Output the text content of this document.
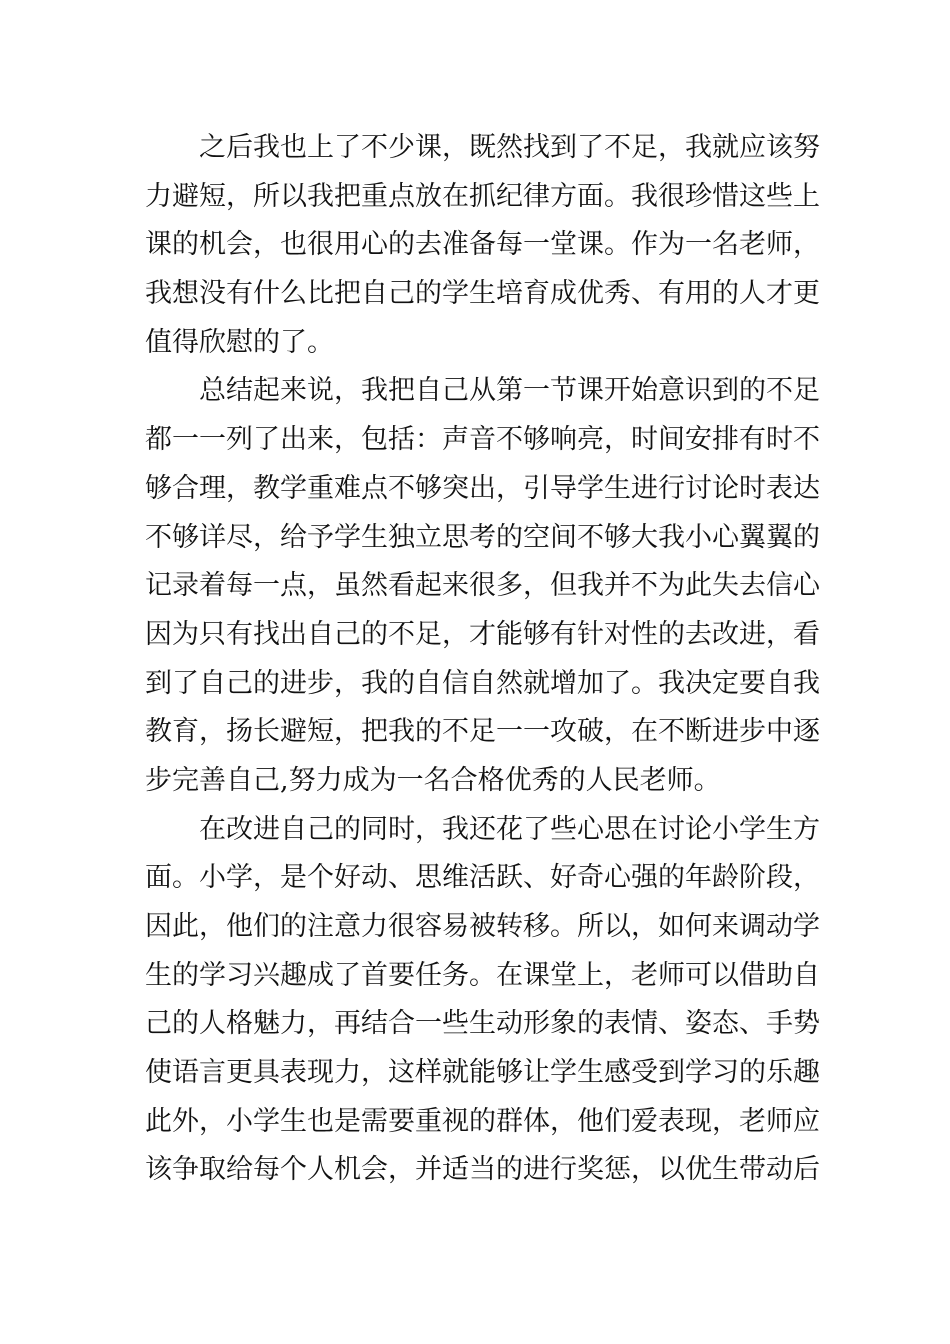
之后我也上了不少课，既然找到了不足，我就应该努
力避短，所以我把重点放在抓纪律方面。我很珍惜这些上
课的机会，也很用心的去准备每一堂课。作为一名老师，
我想没有什么比把自己的学生培育成优秀、有用的人才更
值得欣慰的了。
总结起来说，我把自己从第一节课开始意识到的不足
都一一列了出来，包括：声音不够响亮，时间安排有时不
够合理，教学重难点不够突出，引导学生进行讨论时表达
不够详尽，给予学生独立思考的空间不够大我小心翼翼的
记录着每一点，虽然看起来很多，但我并不为此失去信心
因为只有找出自己的不足，才能够有针对性的去改进，看
到了自己的进步，我的自信自然就增加了。我决定要自我
教育，扬长避短，把我的不足一一攻破，在不断进步中逐
步完善自己,努力成为一名合格优秀的人民老师。
在改进自己的同时，我还花了些心思在讨论小学生方
面。小学，是个好动、思维活跃、好奇心强的年龄阶段，
因此，他们的注意力很容易被转移。所以，如何来调动学
生的学习兴趣成了首要任务。在课堂上，老师可以借助自
己的人格魅力，再结合一些生动形象的表情、姿态、手势
使语言更具表现力，这样就能够让学生感受到学习的乐趣
此外，小学生也是需要重视的群体，他们爱表现，老师应
该争取给每个人机会，并适当的进行奖惩，以优生带动后
